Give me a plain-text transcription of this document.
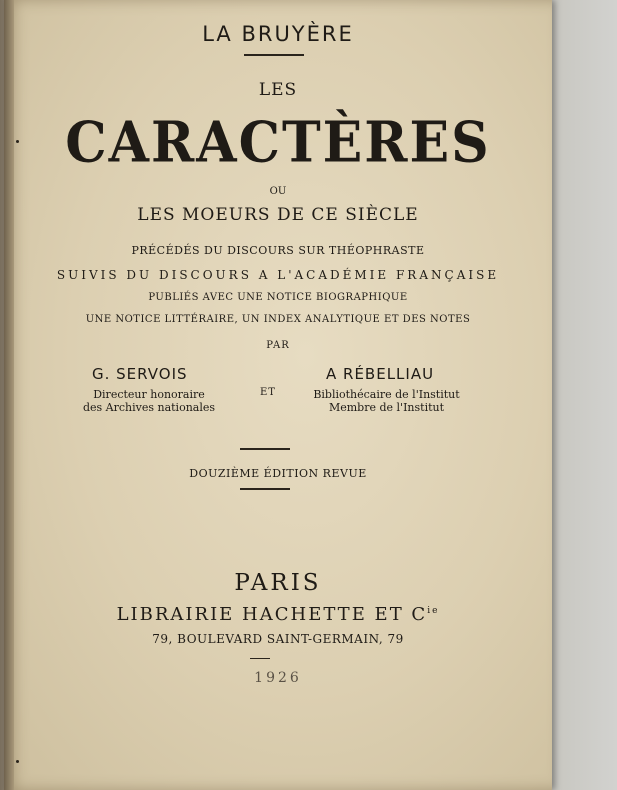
LA BRUYÈRE
LES
CARACTÈRES
OU
LES MOEURS DE CE SIÈCLE
PRÉCÉDÉS DU DISCOURS SUR THÉOPHRASTE
SUIVIS DU DISCOURS A L'ACADÉMIE FRANÇAISE
PUBLIÉS AVEC UNE NOTICE BIOGRAPHIQUE
UNE NOTICE LITTÉRAIRE, UN INDEX ANALYTIQUE ET DES NOTES
PAR
G. SERVOIS
Directeur honoraire
des Archives nationales
ET
A RÉBELLIAU
Bibliothécaire de l'Institut
Membre de l'Institut
DOUZIÈME ÉDITION REVUE
PARIS
LIBRAIRIE HACHETTE ET $C^{ie}$
79, BOULEVARD SAINT-GERMAIN, 79
1926
